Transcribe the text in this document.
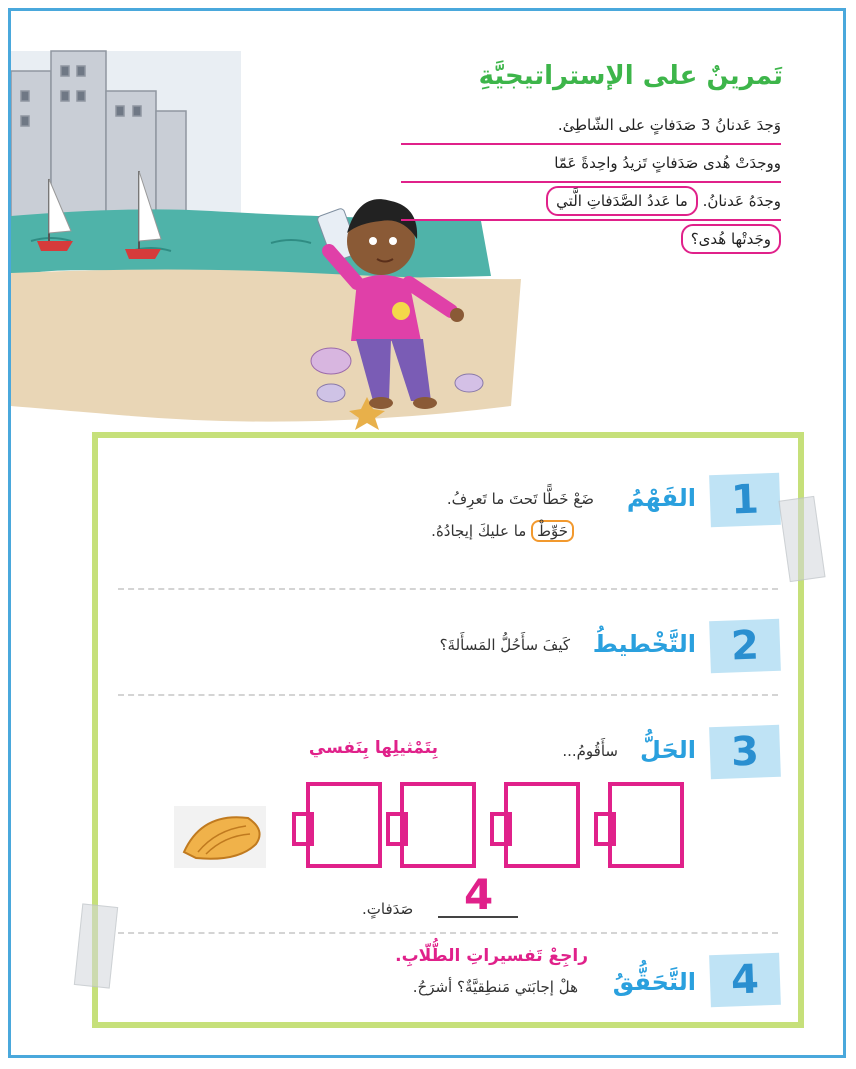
تَمرينٌ على الإستراتيجيَّةِ
وَجدَ عَدنانُ 3 صَدَفاتٍ على الشّاطِئ.
ووجدَتْ هُدى صَدَفاتٍ تَزيدُ واحِدةً عَمّا
وجدَهُ عَدنانُ. ما عَددُ الصَّدَفاتِ الَّتي
وجَدتْها هُدى؟
1
الفَهْمُ
ضَعْ خَطًّا تَحتَ ما تَعرِفُ.
حَوِّطْ ما عليكَ إيجادُهُ.
2
التَّخْطيطُ
كَيفَ سأَحُلُّ المَسأَلةَ؟
3
الحَلُّ
سأَقُومُ...
بِتَمْثيلِها بِنَفسي
4
صَدَفاتٍ.
4
التَّحَقُّقُ
راجِعْ تَفسيراتِ الطُّلّابِ.
هلْ إجابَتي مَنطِقيَّةٌ؟ أشرَحُ.
